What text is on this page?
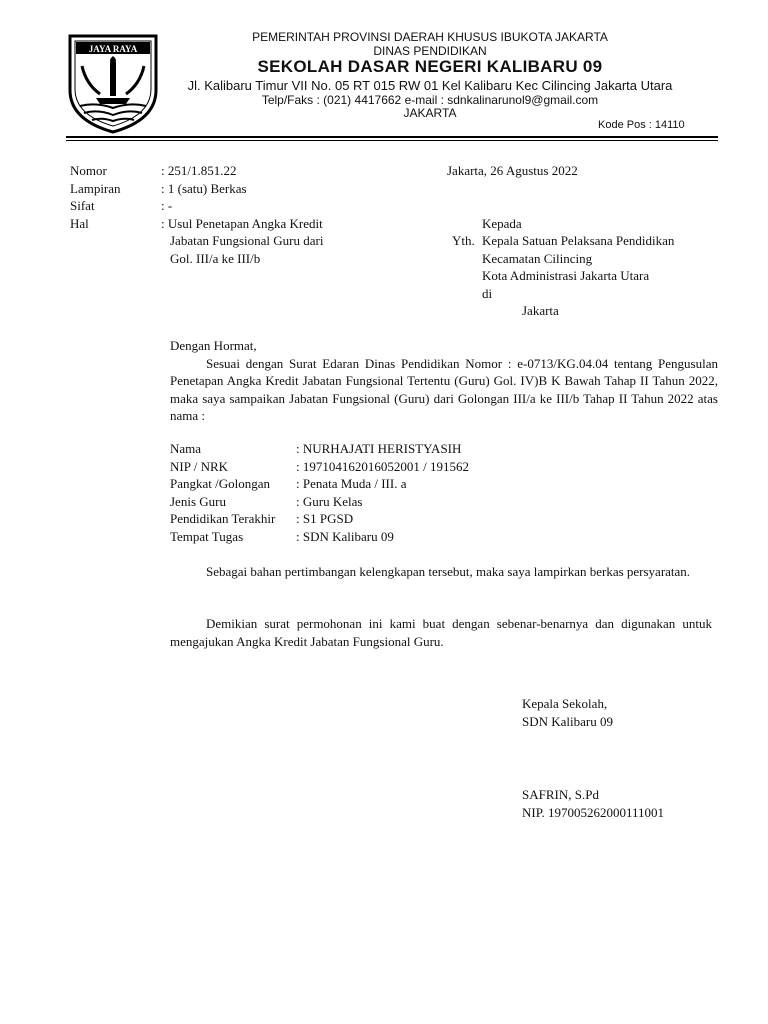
JAYA RAYA
PEMERINTAH PROVINSI DAERAH KHUSUS IBUKOTA JAKARTA
DINAS PENDIDIKAN
SEKOLAH DASAR NEGERI KALIBARU 09
Jl. Kalibaru Timur VII No. 05 RT 015 RW 01 Kel Kalibaru Kec Cilincing Jakarta Utara
Telp/Faks : (021) 4417662 e-mail : sdnkalinarunol9@gmail.com
JAKARTA
Kode Pos : 14110
Nomor	: 251/1.851.22
Lampiran	: 1 (satu) Berkas
Sifat	: -
Hal	: Usul Penetapan Angka Kredit
Jabatan Fungsional Guru dari
Gol. III/a ke III/b
Jakarta, 26 Agustus 2022
Kepada
Yth. Kepala Satuan Pelaksana Pendidikan
Kecamatan Cilincing
Kota Administrasi Jakarta Utara
di
Jakarta
Dengan Hormat,
Sesuai dengan Surat Edaran Dinas Pendidikan Nomor : e-0713/KG.04.04 tentang Pengusulan Penetapan Angka Kredit Jabatan Fungsional Tertentu (Guru) Gol. IV)B K Bawah Tahap II Tahun 2022, maka saya sampaikan Jabatan Fungsional (Guru) dari Golongan III/a ke III/b Tahap II Tahun 2022 atas nama :
Nama	: NURHAJATI HERISTYASIH
NIP / NRK	: 197104162016052001 / 191562
Pangkat /Golongan : Penata Muda / III. a
Jenis Guru	: Guru Kelas
Pendidikan Terakhir : S1 PGSD
Tempat Tugas	: SDN Kalibaru 09
Sebagai bahan pertimbangan kelengkapan tersebut, maka saya lampirkan berkas persyaratan.
Demikian surat permohonan ini kami buat dengan sebenar-benarnya dan digunakan untuk mengajukan Angka Kredit Jabatan Fungsional Guru.
Kepala Sekolah,
SDN Kalibaru 09
SAFRIN, S.Pd
NIP. 197005262000111001
